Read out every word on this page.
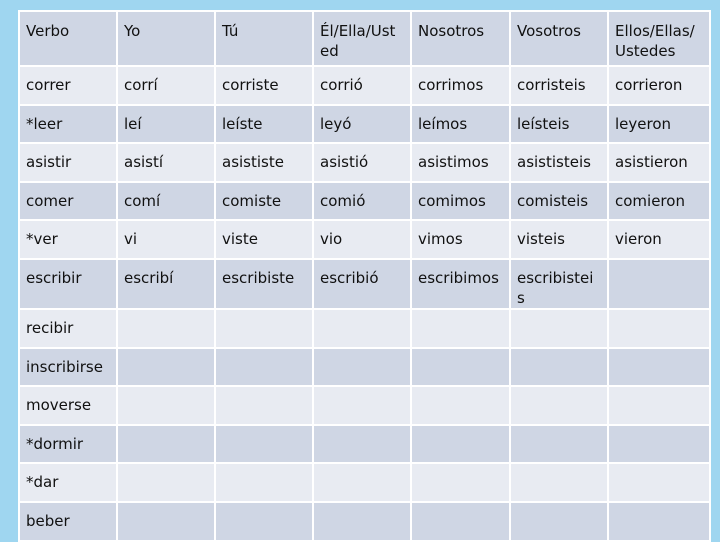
Verbo	Yo	Tú	Él/Ella/Usted	Nosotros	Vosotros	Ellos/Ellas/ Ustedes
correr	corrí	corriste	corrió	corrimos	corristeis	corrieron
*leer	leí	leíste	leyó	leímos	leísteis	leyeron
asistir	asistí	asististe	asistió	asistimos	asististeis	asistieron
comer	comí	comiste	comió	comimos	comisteis	comieron
*ver	vi	viste	vio	vimos	visteis	vieron
escribir	escribí	escribiste	escribió	escribimos	escribisteis	
recibir						
inscribirse						
moverse						
*dormir						
*dar						
beber						
